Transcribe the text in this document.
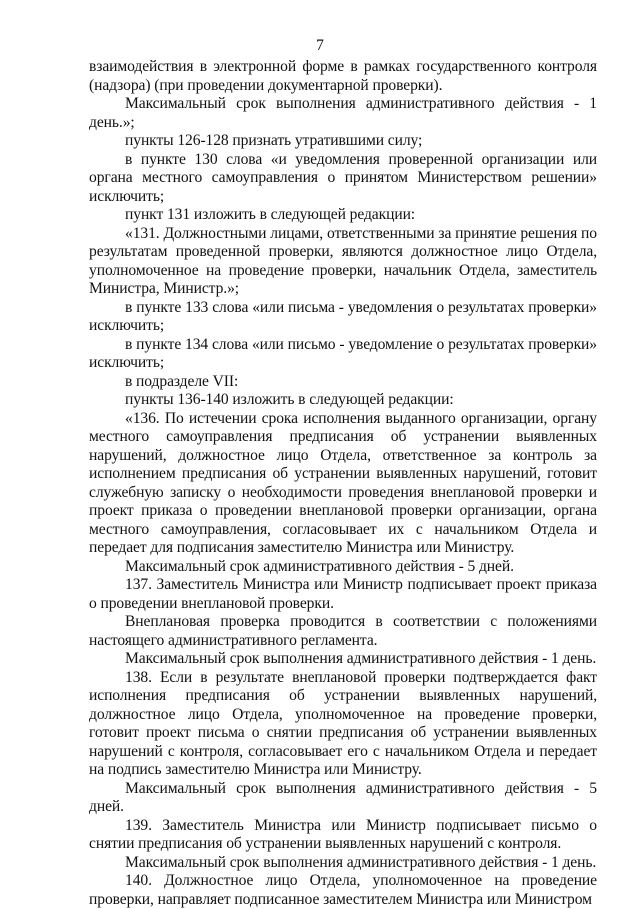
7

взаимодействия в электронной форме в рамках государственного контроля (надзора) (при проведении документарной проверки).

Максимальный срок выполнения административного действия - 1 день.»;

пункты 126-128 признать утратившими силу;

в пункте 130 слова «и уведомления проверенной организации или органа местного самоуправления о принятом Министерством решении» исключить;

пункт 131 изложить в следующей редакции:

«131. Должностными лицами, ответственными за принятие решения по результатам проведенной проверки, являются должностное лицо Отдела, уполномоченное на проведение проверки, начальник Отдела, заместитель Министра, Министр.»;

в пункте 133 слова «или письма - уведомления о результатах проверки» исключить;

в пункте 134 слова «или письмо - уведомление о результатах проверки» исключить;

в подразделе VII:

пункты 136-140 изложить в следующей редакции:

«136. По истечении срока исполнения выданного организации, органу местного самоуправления предписания об устранении выявленных нарушений, должностное лицо Отдела, ответственное за контроль за исполнением предписания об устранении выявленных нарушений, готовит служебную записку о необходимости проведения внеплановой проверки и проект приказа о проведении внеплановой проверки организации, органа местного самоуправления, согласовывает их с начальником Отдела и передает для подписания заместителю Министра или Министру.

Максимальный срок административного действия - 5 дней.

137. Заместитель Министра или Министр подписывает проект приказа о проведении внеплановой проверки.

Внеплановая проверка проводится в соответствии с положениями настоящего административного регламента.

Максимальный срок выполнения административного действия - 1 день.

138. Если в результате внеплановой проверки подтверждается факт исполнения предписания об устранении выявленных нарушений, должностное лицо Отдела, уполномоченное на проведение проверки, готовит проект письма о снятии предписания об устранении выявленных нарушений с контроля, согласовывает его с начальником Отдела и передает на подпись заместителю Министра или Министру.

Максимальный срок выполнения административного действия - 5 дней.

139. Заместитель Министра или Министр подписывает письмо о снятии предписания об устранении выявленных нарушений с контроля.

Максимальный срок выполнения административного действия - 1 день.

140. Должностное лицо Отдела, уполномоченное на проведение проверки, направляет подписанное заместителем Министра или Министром
